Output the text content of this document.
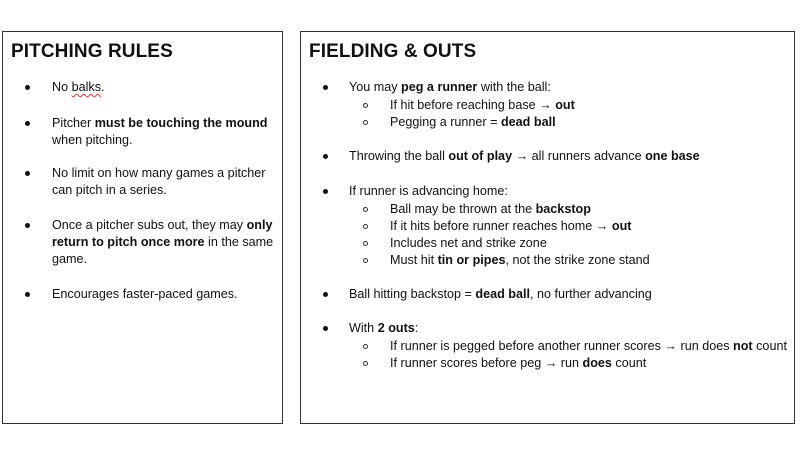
PITCHING RULES
No balks.
Pitcher must be touching the mound when pitching.
No limit on how many games a pitcher can pitch in a series.
Once a pitcher subs out, they may only return to pitch once more in the same game.
Encourages faster-paced games.
FIELDING & OUTS
You may peg a runner with the ball:
If hit before reaching base → out
Pegging a runner = dead ball
Throwing the ball out of play → all runners advance one base
If runner is advancing home:
Ball may be thrown at the backstop
If it hits before runner reaches home → out
Includes net and strike zone
Must hit tin or pipes, not the strike zone stand
Ball hitting backstop = dead ball, no further advancing
With 2 outs:
If runner is pegged before another runner scores → run does not count
If runner scores before peg → run does count
